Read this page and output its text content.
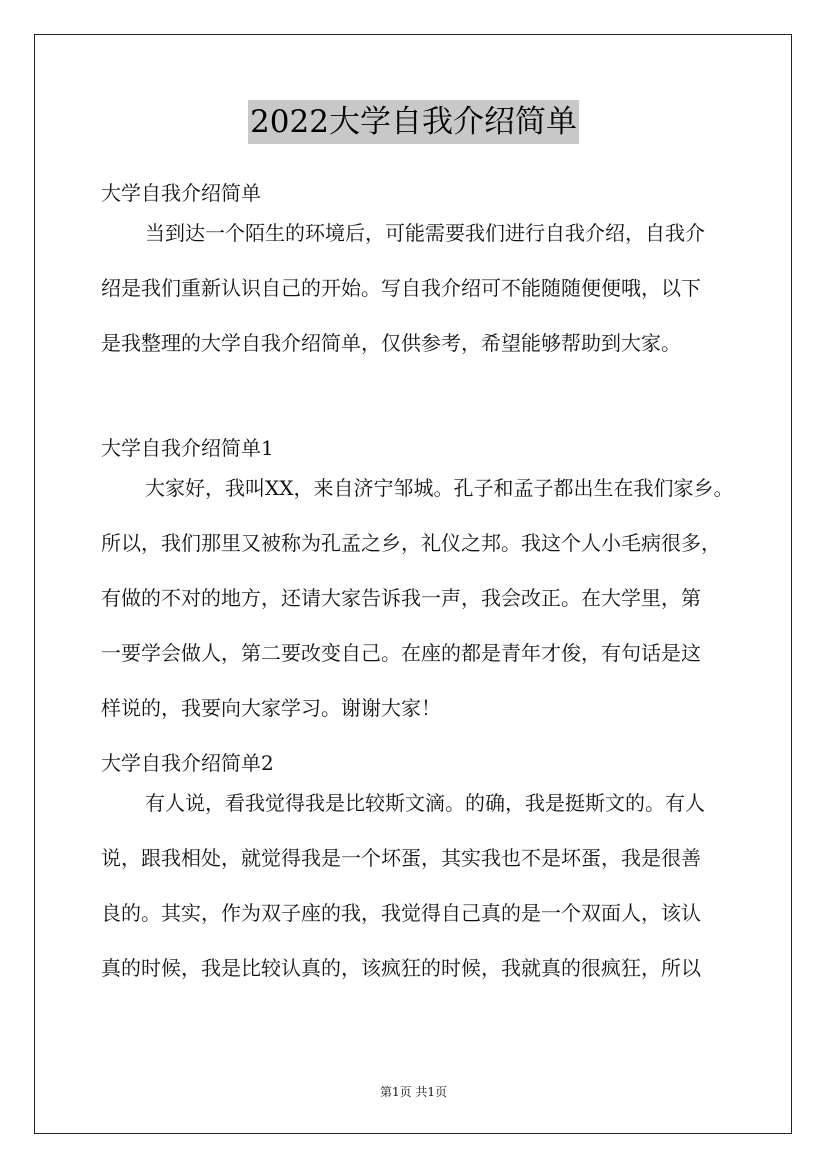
2022大学自我介绍简单
大学自我介绍简单
当到达一个陌生的环境后，可能需要我们进行自我介绍，自我介
绍是我们重新认识自己的开始。写自我介绍可不能随随便便哦，以下
是我整理的大学自我介绍简单，仅供参考，希望能够帮助到大家。
大学自我介绍简单1
大家好，我叫XX，来自济宁邹城。孔子和孟子都出生在我们家乡。
所以，我们那里又被称为孔孟之乡，礼仪之邦。我这个人小毛病很多，
有做的不对的地方，还请大家告诉我一声，我会改正。在大学里，第
一要学会做人，第二要改变自己。在座的都是青年才俊，有句话是这
样说的，我要向大家学习。谢谢大家！
大学自我介绍简单2
有人说，看我觉得我是比较斯文滴。的确，我是挺斯文的。有人
说，跟我相处，就觉得我是一个坏蛋，其实我也不是坏蛋，我是很善
良的。其实，作为双子座的我，我觉得自己真的是一个双面人，该认
真的时候，我是比较认真的，该疯狂的时候，我就真的很疯狂，所以
第1页 共1页
